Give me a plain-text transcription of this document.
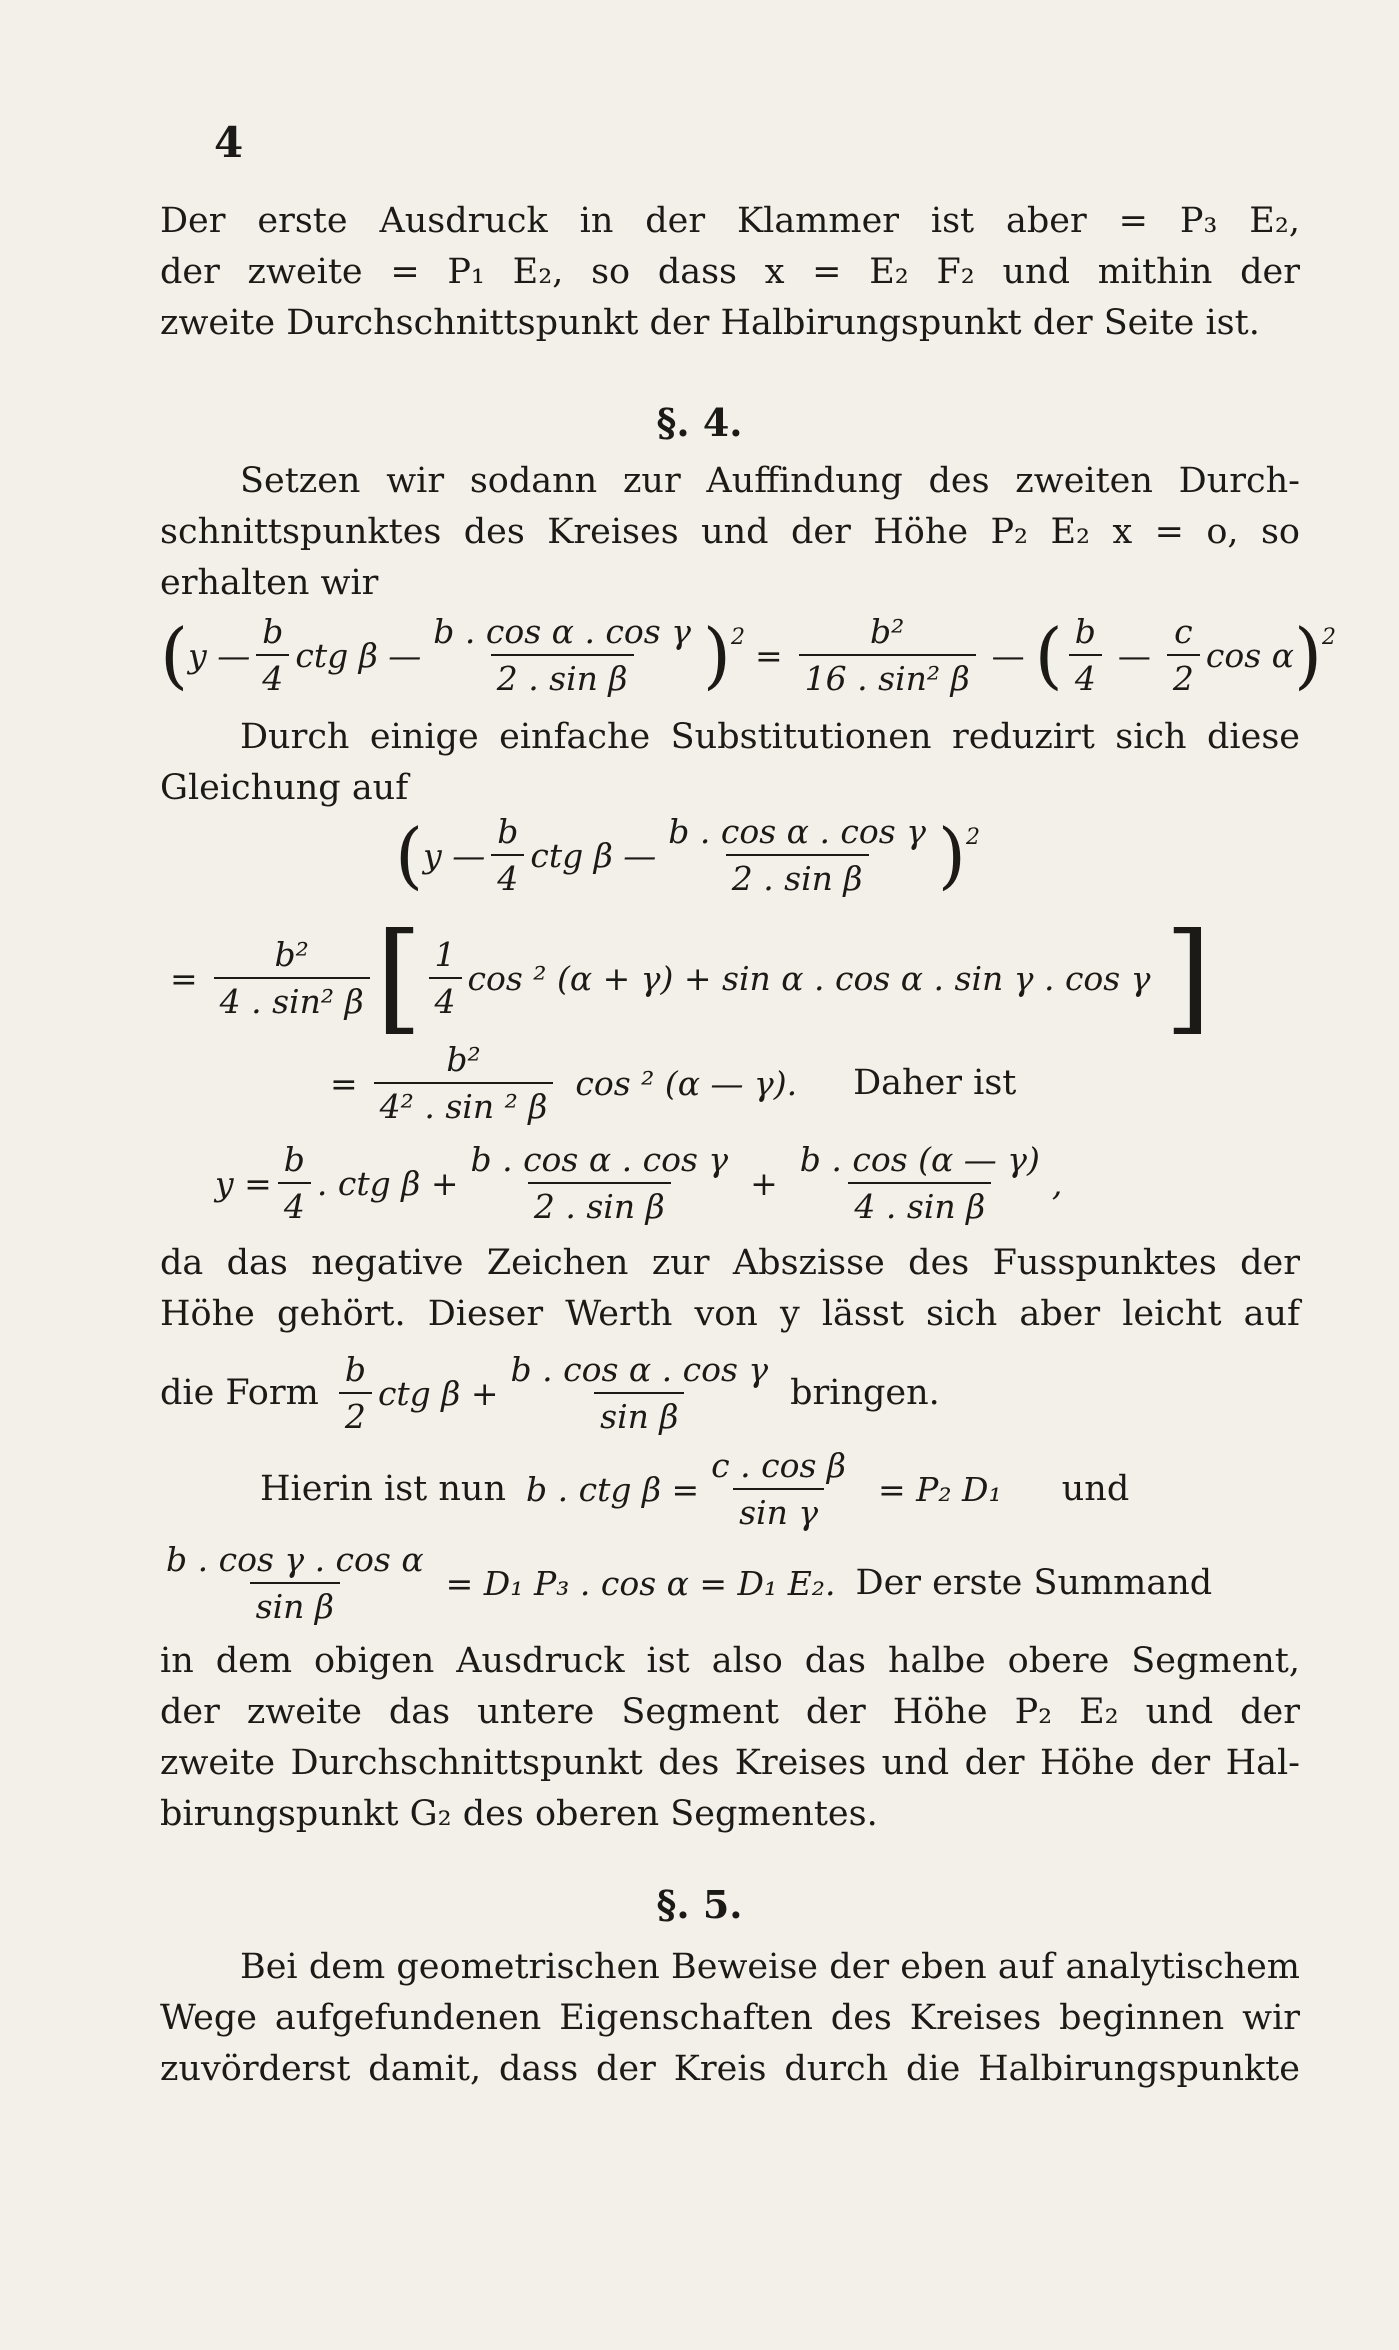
4
Der erste Ausdruck in der Klammer ist aber = P₃ E₂,
der zweite = P₁ E₂, so dass x = E₂ F₂ und mithin der
zweite Durchschnittspunkt der Halbirungspunkt der Seite ist.
§. 4.
Setzen wir sodann zur Auffindung des zweiten Durch-
schnittspunktes des Kreises und der Höhe P₂ E₂ x = o, so
erhalten wir
( y — $\frac{b}{4}$ ctg β — $\frac{\text{b . cos α . cos γ}}{\text{2 . sin β}}$ ) $2 = \frac{\text{b²}}{\text{16 . sin² β}}$ — ( $\frac{b}{4}$ — $\frac{c}{2}$ cos α ) 2
Durch einige einfache Substitutionen reduzirt sich diese
Gleichung auf
( y — $\frac{b}{4}$ ctg β — $\frac{\text{b . cos α . cos γ}}{\text{2 . sin β}}$ ) 2
= $\frac{\text{b²}}{\text{4 . sin² β}}$ [ $\frac{1}{4}$ cos ² (α + γ) + sin α . cos α . sin γ . cos γ ]
= $\frac{\text{b²}}{\text{4² . sin ² β}}$ cos ² (α — γ). Daher ist
$y = \frac{b}{4}$ . ctg $\beta + \frac{\text{b . cos α . cos γ}}{\text{2 . sin β}} + \frac{b . \cos (\alpha — \gamma)}{\text{4 . sin β}}$ ,
da das negative Zeichen zur Abszisse des Fusspunktes der
Höhe gehört. Dieser Werth von y lässt sich aber leicht auf
die Form $\frac{b}{2}$ ctg $\beta + \frac{\text{b . cos α . cos γ}}{\text{sin β}}$ bringen.
Hierin ist nun b . ctg $\beta = \frac{\text{c . cos β}}{\text{sin γ}} = P_2$ D₁ und
$\frac{\text{b . cos γ . cos α}}{\text{sin β}} = D_1$ P₃ . cos α = D₁ E₂. Der erste Summand
in dem obigen Ausdruck ist also das halbe obere Segment,
der zweite das untere Segment der Höhe P₂ E₂ und der
zweite Durchschnittspunkt des Kreises und der Höhe der Hal-
birungspunkt G₂ des oberen Segmentes.
§. 5.
Bei dem geometrischen Beweise der eben auf analytischem
Wege aufgefundenen Eigenschaften des Kreises beginnen wir
zuvörderst damit, dass der Kreis durch die Halbirungspunkte
